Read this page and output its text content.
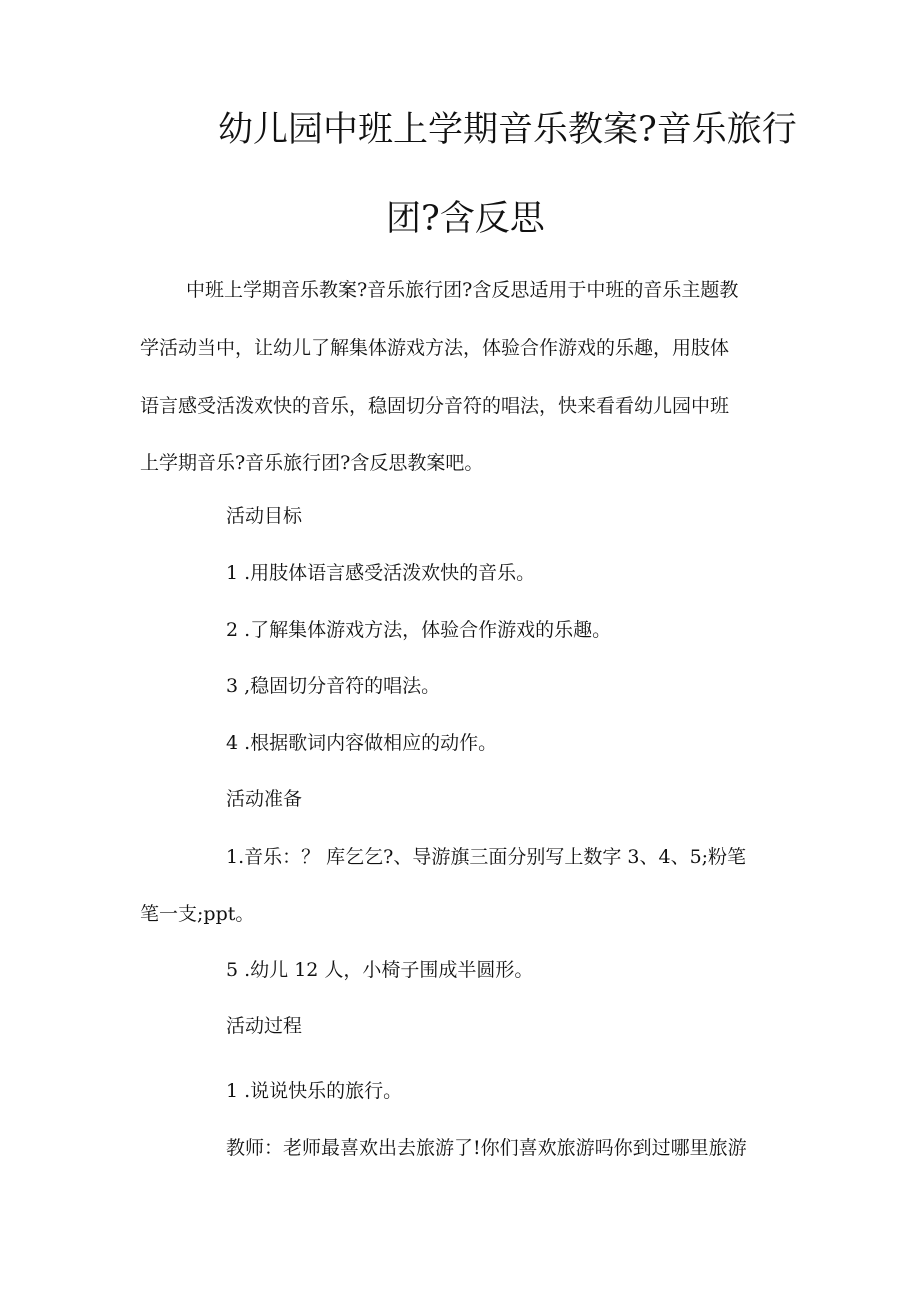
幼儿园中班上学期音乐教案?音乐旅行
团?含反思
中班上学期音乐教案?音乐旅行团?含反思适用于中班的音乐主题教
学活动当中，让幼儿了解集体游戏方法，体验合作游戏的乐趣，用肢体
语言感受活泼欢快的音乐，稳固切分音符的唱法，快来看看幼儿园中班
上学期音乐?音乐旅行团?含反思教案吧。
活动目标
1 .用肢体语言感受活泼欢快的音乐。
2 .了解集体游戏方法，体验合作游戏的乐趣。
3 ,稳固切分音符的唱法。
4 .根据歌词内容做相应的动作。
活动准备
1.音乐：？ 库乞乞?、导游旗三面分别写上数字 3、4、5;粉笔
笔一支;ppt。
5 .幼儿 12 人，小椅子围成半圆形。
活动过程
1 .说说快乐的旅行。
教师：老师最喜欢出去旅游了!你们喜欢旅游吗你到过哪里旅游
